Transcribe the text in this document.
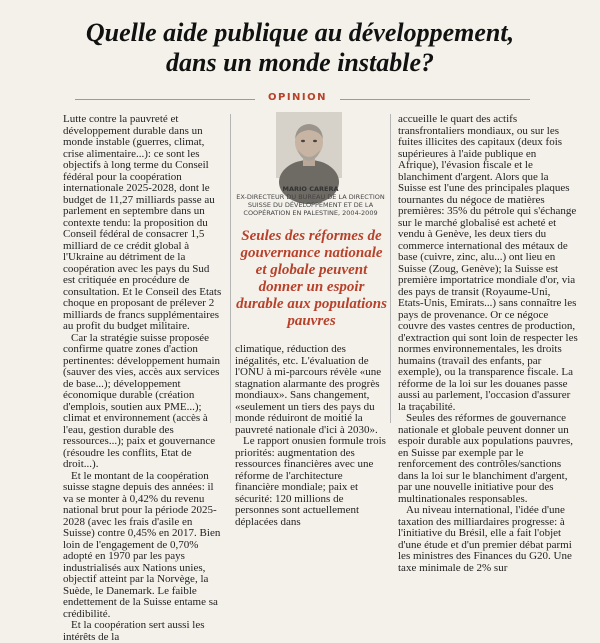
Quelle aide publique au développement,
dans un monde instable?
OPINION

Lutte contre la pauvreté et développement durable dans un monde instable (guerres, climat, crise alimentaire...): ce sont les objectifs à long terme du Conseil fédéral pour la coopération internationale 2025-2028, dont le budget de 11,27 milliards passe au parlement en septembre dans un contexte tendu: la proposition du Conseil fédéral de consacrer 1,5 milliard de ce crédit global à l'Ukraine au détriment de la coopération avec les pays du Sud est critiquée en procédure de consultation. Et le Conseil des Etats choque en proposant de prélever 2 milliards de francs supplémentaires au profit du budget militaire.

Car la stratégie suisse proposée confirme quatre zones d'action pertinentes: développement humain (sauver des vies, accès aux services de base...); développement économique durable (création d'emplois, soutien aux PME...); climat et environnement (accès à l'eau, gestion durable des ressources...); paix et gouvernance (résoudre les conflits, Etat de droit...).

Et le montant de la coopération suisse stagne depuis des années: il va se monter à 0,42% du revenu national brut pour la période 2025-2028 (avec les frais d'asile en Suisse) contre 0,45% en 2017. Bien loin de l'engagement de 0,70% adopté en 1970 par les pays industrialisés aux Nations unies, objectif atteint par la Norvège, la Suède, le Danemark. Le faible endettement de la Suisse entame sa crédibilité.

Et la coopération sert aussi les intérêts de la

MARIO CARERA
EX-DIRECTEUR DU BUREAU DE LA DIRECTION SUISSE DU DÉVELOPPEMENT ET DE LA COOPÉRATION EN PALESTINE, 2004-2009
Seules des réformes de gouvernance nationale et globale peuvent donner un espoir durable aux populations pauvres

climatique, réduction des inégalités, etc. L'évaluation de l'ONU à mi-parcours révèle «une stagnation alarmante des progrès mondiaux». Sans changement, «seulement un tiers des pays du monde réduiront de moitié la pauvreté nationale d'ici à 2030».

Le rapport onusien formule trois priorités: augmentation des ressources financières avec une réforme de l'architecture financière mondiale; paix et sécurité: 120 millions de personnes sont actuellement déplacées dans

accueille le quart des actifs transfrontaliers mondiaux, ou sur les fuites illicites des capitaux (deux fois supérieures à l'aide publique en Afrique), l'évasion fiscale et le blanchiment d'argent. Alors que la Suisse est l'une des principales plaques tournantes du négoce de matières premières: 35% du pétrole qui s'échange sur le marché globalisé est acheté et vendu à Genève, les deux tiers du commerce international des métaux de base (cuivre, zinc, alu...) ont lieu en Suisse (Zoug, Genève); la Suisse est première importatrice mondiale d'or, via des pays de transit (Royaume-Uni, Etats-Unis, Emirats...) sans connaître les pays de provenance. Or ce négoce couvre des vastes centres de production, d'extraction qui sont loin de respecter les normes environnementales, les droits humains (travail des enfants, par exemple), ou la transparence fiscale. La réforme de la loi sur les douanes passe aussi au parlement, l'occasion d'assurer la traçabilité.

Seules des réformes de gouvernance nationale et globale peuvent donner un espoir durable aux populations pauvres, en Suisse par exemple par le renforcement des contrôles/sanctions dans la loi sur le blanchiment d'argent, par une nouvelle initiative pour des multinationales responsables.

Au niveau international, l'idée d'une taxation des milliardaires progresse: à l'initiative du Brésil, elle a fait l'objet d'une étude et d'un premier débat parmi les ministres des Finances du G20. Une taxe minimale de 2% sur
